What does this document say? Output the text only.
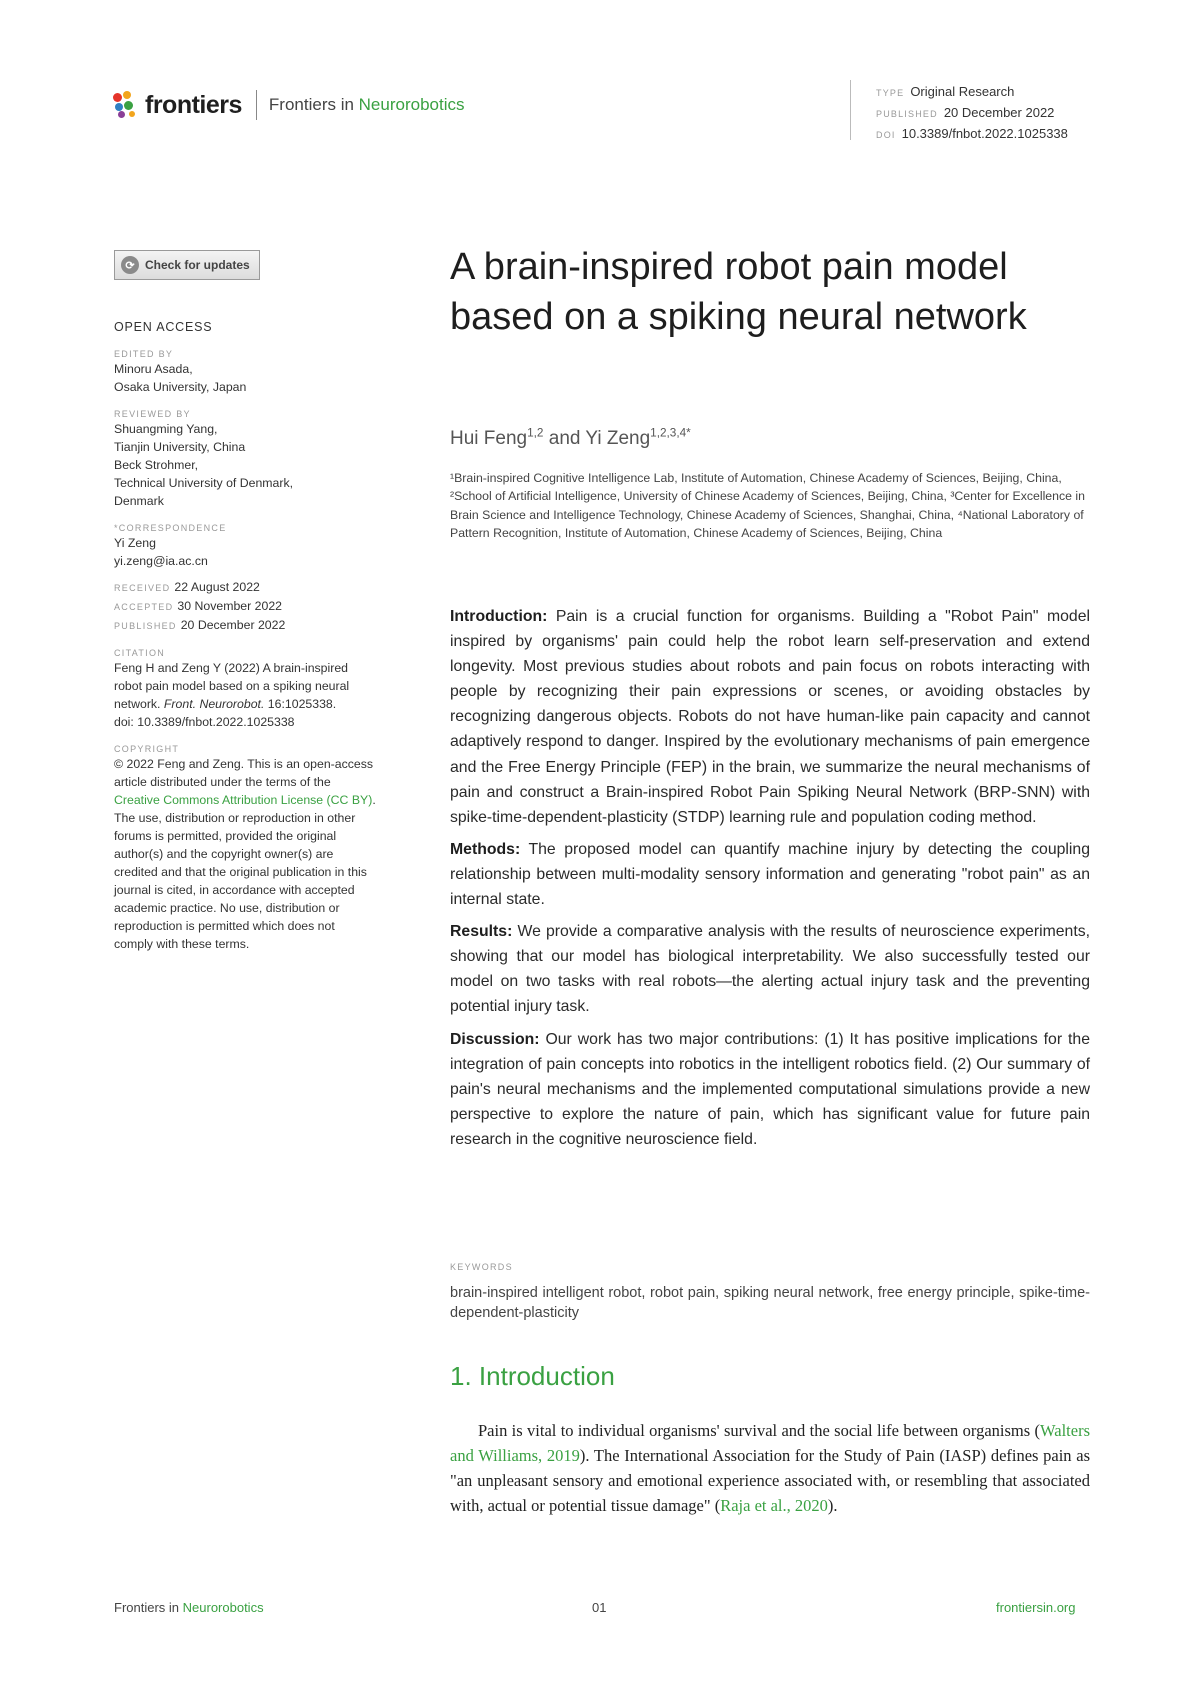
frontiers Frontiers in Neurorobotics
TYPE Original Research
PUBLISHED 20 December 2022
DOI 10.3389/fnbot.2022.1025338
⟳ Check for updates
OPEN ACCESS
EDITED BY

Minoru Asada,

Osaka University, Japan

REVIEWED BY

Shuangming Yang,

Tianjin University, China

Beck Strohmer,

Technical University of Denmark,

Denmark

*CORRESPONDENCE

Yi Zeng

yi.zeng@ia.ac.cn

RECEIVED 22 August 2022

ACCEPTED 30 November 2022

PUBLISHED 20 December 2022

CITATION

Feng H and Zeng Y (2022) A brain-inspired robot pain model based on a spiking neural network. Front. Neurorobot. 16:1025338.

doi: 10.3389/fnbot.2022.1025338

COPYRIGHT

© 2022 Feng and Zeng. This is an open-access article distributed under the terms of the Creative Commons Attribution License (CC BY). The use, distribution or reproduction in other forums is permitted, provided the original author(s) and the copyright owner(s) are credited and that the original publication in this journal is cited, in accordance with accepted academic practice. No use, distribution or reproduction is permitted which does not comply with these terms.

A brain-inspired robot pain model based on a spiking neural network
Hui Feng$^{1,2}$ and Yi Zeng$^{1,2,3,4*}$
¹Brain-inspired Cognitive Intelligence Lab, Institute of Automation, Chinese Academy of Sciences, Beijing, China, ²School of Artificial Intelligence, University of Chinese Academy of Sciences, Beijing, China, ³Center for Excellence in Brain Science and Intelligence Technology, Chinese Academy of Sciences, Shanghai, China, ⁴National Laboratory of Pattern Recognition, Institute of Automation, Chinese Academy of Sciences, Beijing, China

Introduction: Pain is a crucial function for organisms. Building a "Robot Pain" model inspired by organisms' pain could help the robot learn self-preservation and extend longevity. Most previous studies about robots and pain focus on robots interacting with people by recognizing their pain expressions or scenes, or avoiding obstacles by recognizing dangerous objects. Robots do not have human-like pain capacity and cannot adaptively respond to danger. Inspired by the evolutionary mechanisms of pain emergence and the Free Energy Principle (FEP) in the brain, we summarize the neural mechanisms of pain and construct a Brain-inspired Robot Pain Spiking Neural Network (BRP-SNN) with spike-time-dependent-plasticity (STDP) learning rule and population coding method.

Methods: The proposed model can quantify machine injury by detecting the coupling relationship between multi-modality sensory information and generating "robot pain" as an internal state.

Results: We provide a comparative analysis with the results of neuroscience experiments, showing that our model has biological interpretability. We also successfully tested our model on two tasks with real robots—the alerting actual injury task and the preventing potential injury task.

Discussion: Our work has two major contributions: (1) It has positive implications for the integration of pain concepts into robotics in the intelligent robotics field. (2) Our summary of pain's neural mechanisms and the implemented computational simulations provide a new perspective to explore the nature of pain, which has significant value for future pain research in the cognitive neuroscience field.

KEYWORDS
brain-inspired intelligent robot, robot pain, spiking neural network, free energy principle, spike-time-dependent-plasticity
1. Introduction

Pain is vital to individual organisms' survival and the social life between organisms (Walters and Williams, 2019). The International Association for the Study of Pain (IASP) defines pain as "an unpleasant sensory and emotional experience associated with, or resembling that associated with, actual or potential tissue damage" (Raja et al., 2020).

Frontiers in Neurorobotics	01	frontiersin.org
